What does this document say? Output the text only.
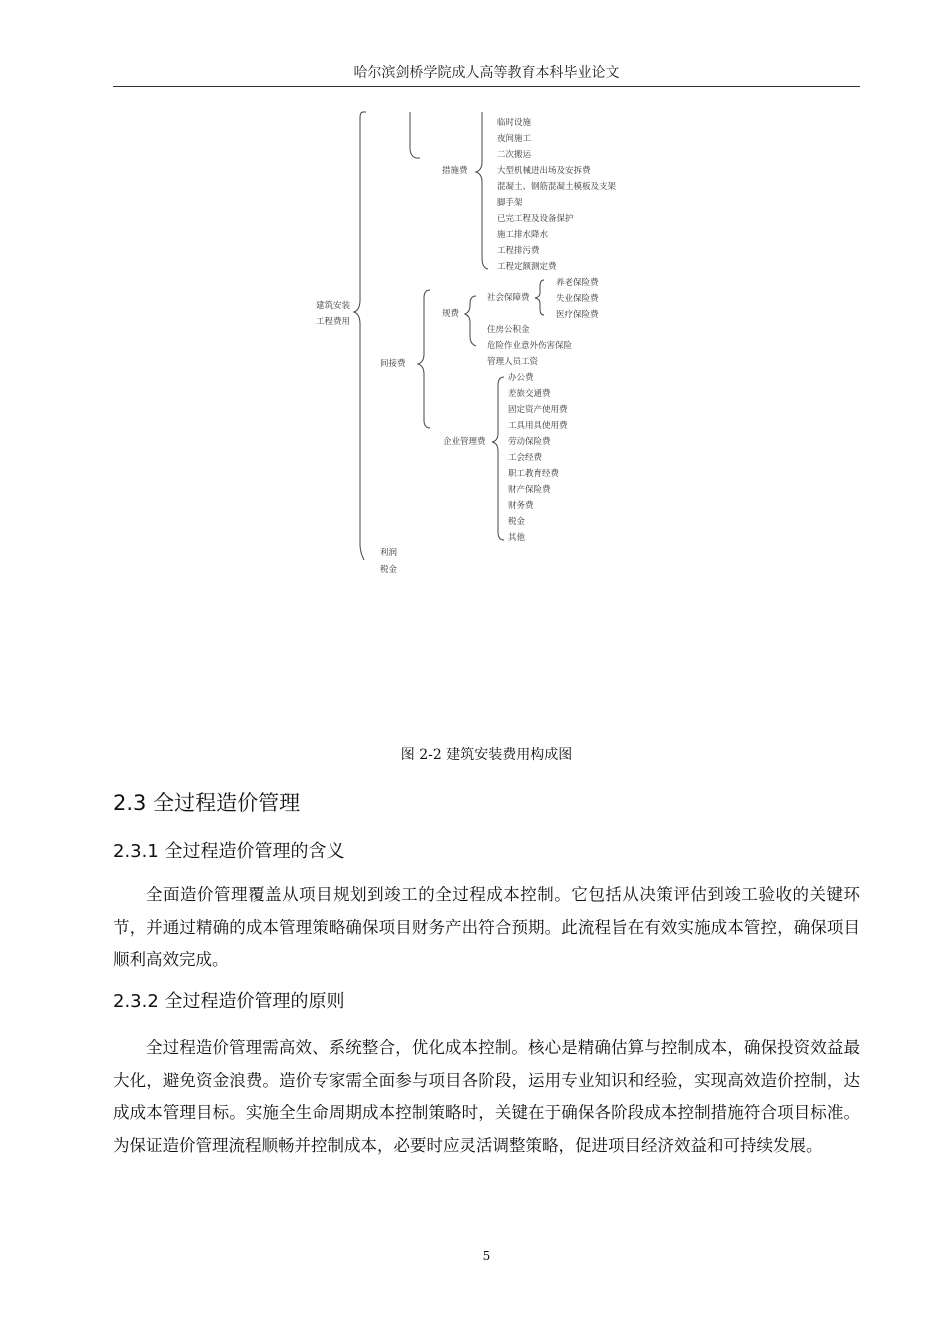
哈尔滨剑桥学院成人高等教育本科毕业论文
建筑安装工程费用
措施费
临时设施
夜间施工
二次搬运
大型机械进出场及安拆费
混凝土、钢筋混凝土模板及支架
脚手架
已完工程及设备保护
施工排水降水
工程排污费
工程定额测定费
间接费
规费
社会保障费
养老保险费
失业保险费
医疗保险费
住房公积金
危险作业意外伤害保险
管理人员工资
企业管理费
办公费
差旅交通费
固定资产使用费
工具用具使用费
劳动保险费
工会经费
职工教育经费
财产保险费
财务费
税金
其他
利润
税金
图 2-2 建筑安装费用构成图
2.3 全过程造价管理
2.3.1 全过程造价管理的含义
全面造价管理覆盖从项目规划到竣工的全过程成本控制。它包括从决策评估到竣工验收的关键环节，并通过精确的成本管理策略确保项目财务产出符合预期。此流程旨在有效实施成本管控，确保项目顺利高效完成。
2.3.2 全过程造价管理的原则
全过程造价管理需高效、系统整合，优化成本控制。核心是精确估算与控制成本，确保投资效益最大化，避免资金浪费。造价专家需全面参与项目各阶段，运用专业知识和经验，实现高效造价控制，达成成本管理目标。实施全生命周期成本控制策略时，关键在于确保各阶段成本控制措施符合项目标准。为保证造价管理流程顺畅并控制成本，必要时应灵活调整策略，促进项目经济效益和可持续发展。
5
